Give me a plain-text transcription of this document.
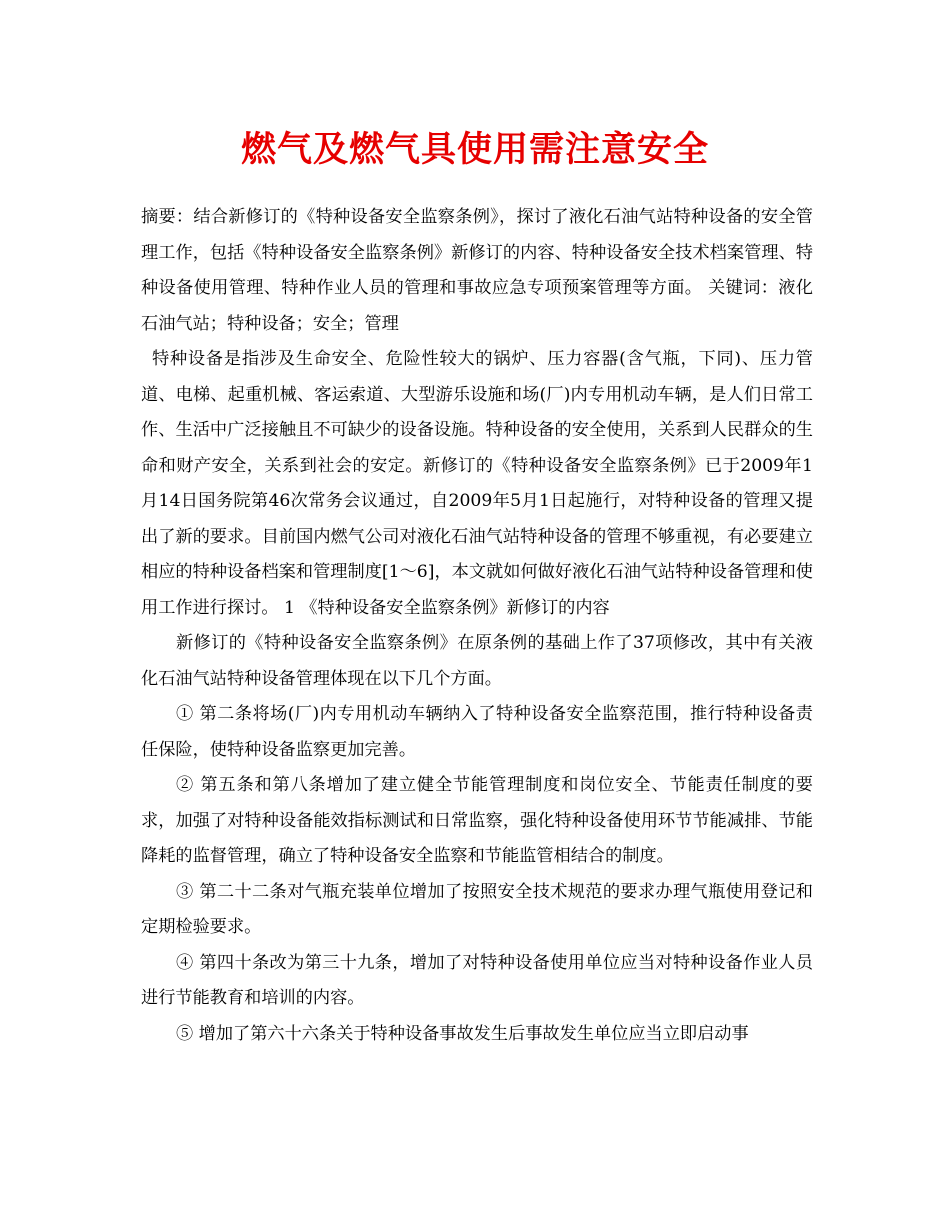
燃气及燃气具使用需注意安全

摘要：结合新修订的《特种设备安全监察条例》，探讨了液化石油气站特种设备的安全管理工作，包括《特种设备安全监察条例》新修订的内容、特种设备安全技术档案管理、特种设备使用管理、特种作业人员的管理和事故应急专项预案管理等方面。 关键词：液化石油气站；特种设备；安全；管理

特种设备是指涉及生命安全、危险性较大的锅炉、压力容器(含气瓶，下同)、压力管道、电梯、起重机械、客运索道、大型游乐设施和场(厂)内专用机动车辆，是人们日常工作、生活中广泛接触且不可缺少的设备设施。特种设备的安全使用，关系到人民群众的生命和财产安全，关系到社会的安定。新修订的《特种设备安全监察条例》已于2009年1月14日国务院第46次常务会议通过，自2009年5月1日起施行，对特种设备的管理又提出了新的要求。目前国内燃气公司对液化石油气站特种设备的管理不够重视，有必要建立相应的特种设备档案和管理制度[1～6]，本文就如何做好液化石油气站特种设备管理和使用工作进行探讨。 1 《特种设备安全监察条例》新修订的内容

新修订的《特种设备安全监察条例》在原条例的基础上作了37项修改，其中有关液化石油气站特种设备管理体现在以下几个方面。

① 第二条将场(厂)内专用机动车辆纳入了特种设备安全监察范围，推行特种设备责任保险，使特种设备监察更加完善。

② 第五条和第八条增加了建立健全节能管理制度和岗位安全、节能责任制度的要求，加强了对特种设备能效指标测试和日常监察，强化特种设备使用环节节能减排、节能降耗的监督管理，确立了特种设备安全监察和节能监管相结合的制度。

③ 第二十二条对气瓶充装单位增加了按照安全技术规范的要求办理气瓶使用登记和定期检验要求。

④ 第四十条改为第三十九条，增加了对特种设备使用单位应当对特种设备作业人员进行节能教育和培训的内容。

⑤ 增加了第六十六条关于特种设备事故发生后事故发生单位应当立即启动事
